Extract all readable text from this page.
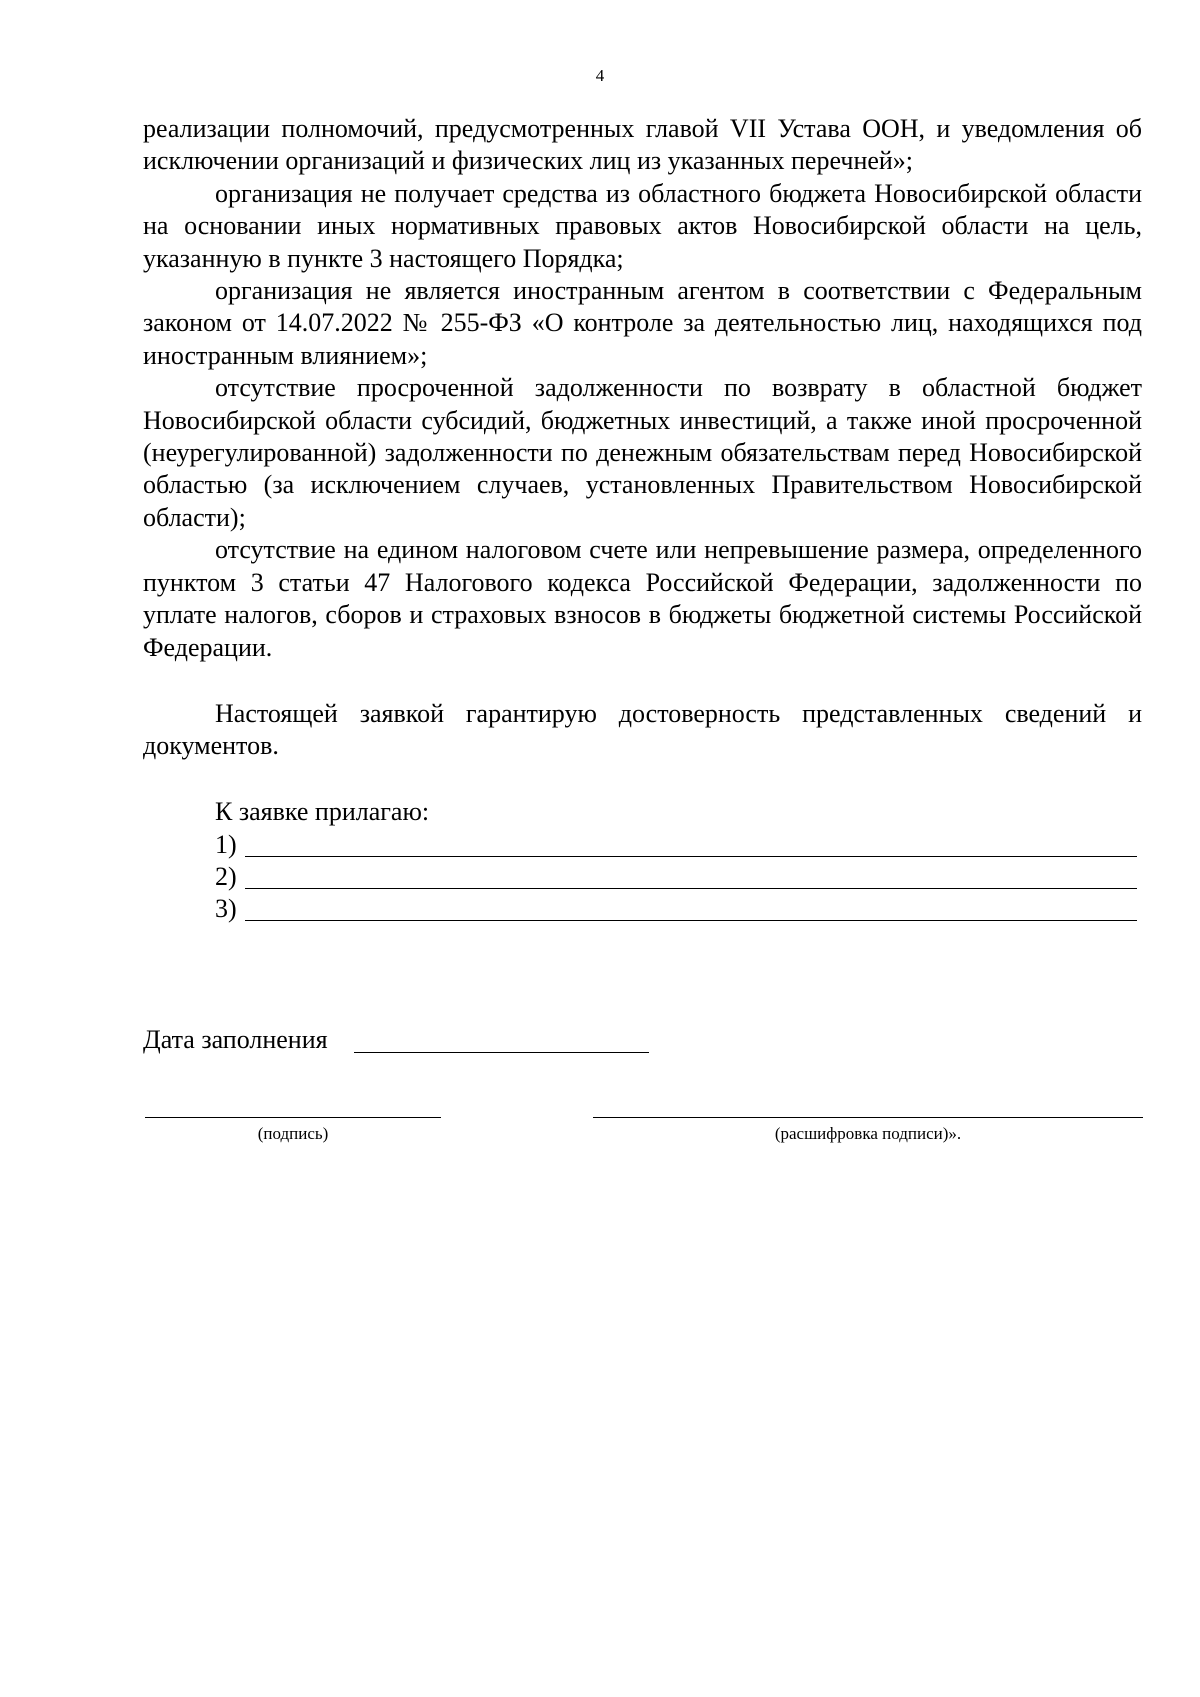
4

реализации полномочий, предусмотренных главой VII Устава ООН, и уведомления об исключении организаций и физических лиц из указанных перечней»;

организация не получает средства из областного бюджета Новосибирской области на основании иных нормативных правовых актов Новосибирской области на цель, указанную в пункте 3 настоящего Порядка;

организация не является иностранным агентом в соответствии с Федеральным законом от 14.07.2022 № 255-ФЗ «О контроле за деятельностью лиц, находящихся под иностранным влиянием»;

отсутствие просроченной задолженности по возврату в областной бюджет Новосибирской области субсидий, бюджетных инвестиций, а также иной просроченной (неурегулированной) задолженности по денежным обязательствам перед Новосибирской областью (за исключением случаев, установленных Правительством Новосибирской области);

отсутствие на едином налоговом счете или непревышение размера, определенного пунктом 3 статьи 47 Налогового кодекса Российской Федерации, задолженности по уплате налогов, сборов и страховых взносов в бюджеты бюджетной системы Российской Федерации.

Настоящей заявкой гарантирую достоверность представленных сведений и документов.

К заявке прилагаю:

1)
2)
3)
Дата заполнения
(подпись)	(расшифровка подписи)».
